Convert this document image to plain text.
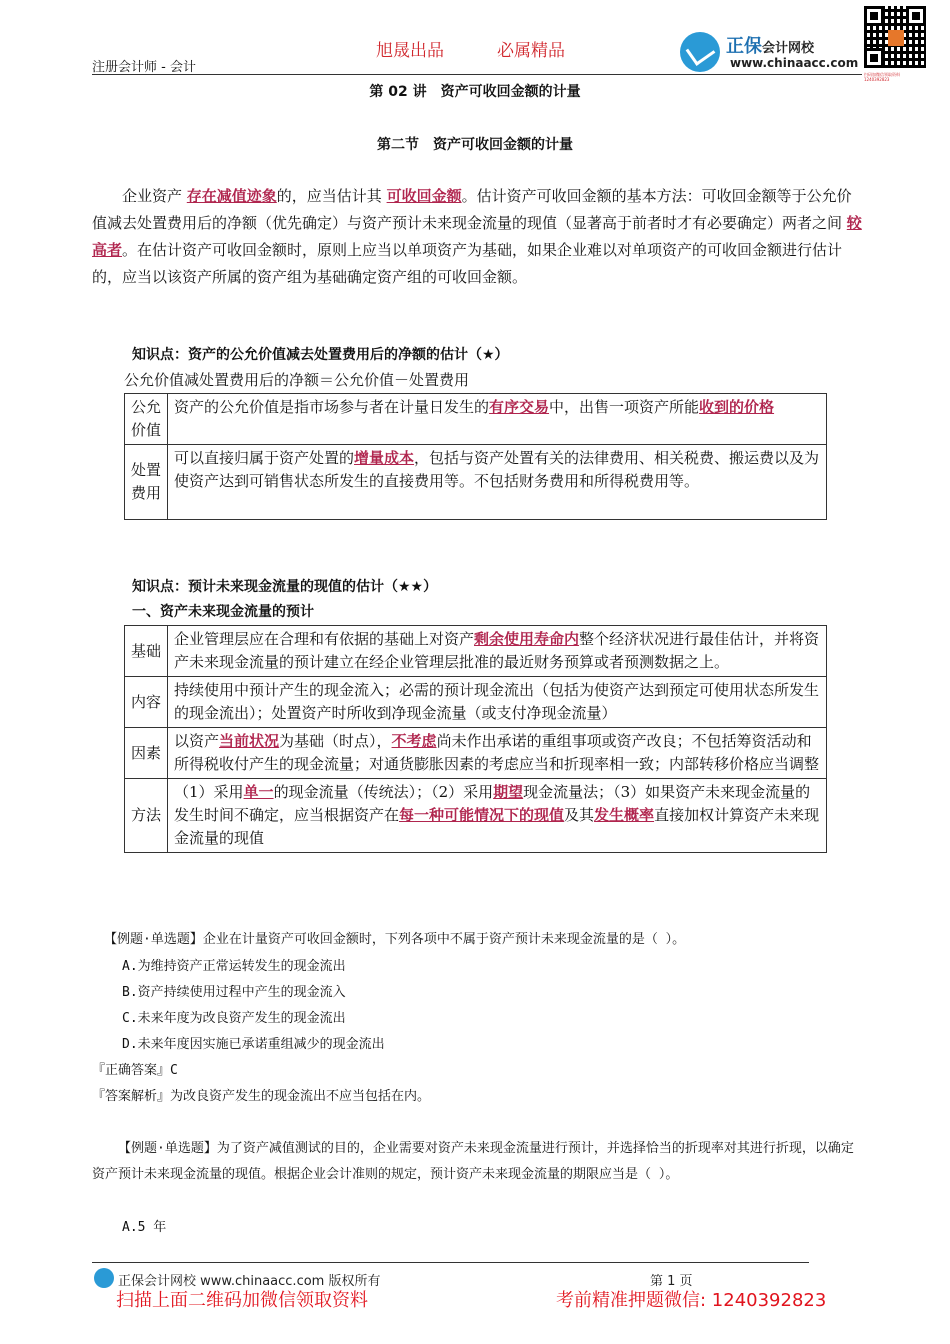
注册会计师 - 会计
旭晟出品	必属精品	正保会计网校
www.chinaacc.com
扫码加微信领取资料 1240392823
第 02 讲　资产可收回金额的计量
第二节　资产可收回金额的计量
企业资产 存在减值迹象的，应当估计其 可收回金额。估计资产可收回金额的基本方法：可收回金额等于公允价值减去处置费用后的净额（优先确定）与资产预计未来现金流量的现值（显著高于前者时才有必要确定）两者之间 较高者。在估计资产可收回金额时，原则上应当以单项资产为基础，如果企业难以对单项资产的可收回金额进行估计的，应当以该资产所属的资产组为基础确定资产组的可收回金额。
知识点：资产的公允价值减去处置费用后的净额的估计（★）
公允价值减处置费用后的净额＝公允价值－处置费用
公允价值	资产的公允价值是指市场参与者在计量日发生的有序交易中，出售一项资产所能收到的价格
处置费用	可以直接归属于资产处置的增量成本，包括与资产处置有关的法律费用、相关税费、搬运费以及为使资产达到可销售状态所发生的直接费用等。不包括财务费用和所得税费用等。
知识点：预计未来现金流量的现值的估计（★★）
一、资产未来现金流量的预计
基础	企业管理层应在合理和有依据的基础上对资产剩余使用寿命内整个经济状况进行最佳估计，并将资产未来现金流量的预计建立在经企业管理层批准的最近财务预算或者预测数据之上。
内容	持续使用中预计产生的现金流入；必需的预计现金流出（包括为使资产达到预定可使用状态所发生的现金流出）；处置资产时所收到净现金流量（或支付净现金流量）
因素	以资产当前状况为基础（时点），不考虑尚未作出承诺的重组事项或资产改良；不包括筹资活动和所得税收付产生的现金流量；对通货膨胀因素的考虑应当和折现率相一致；内部转移价格应当调整
方法	（1）采用单一的现金流量（传统法）；（2）采用期望现金流量法；（3）如果资产未来现金流量的发生时间不确定，应当根据资产在每一种可能情况下的现值及其发生概率直接加权计算资产未来现金流量的现值
【例题·单选题】企业在计量资产可收回金额时，下列各项中不属于资产预计未来现金流量的是（ ）。
A.为维持资产正常运转发生的现金流出
B.资产持续使用过程中产生的现金流入
C.未来年度为改良资产发生的现金流出
D.未来年度因实施已承诺重组减少的现金流出
『正确答案』C
『答案解析』为改良资产发生的现金流出不应当包括在内。
【例题·单选题】为了资产减值测试的目的，企业需要对资产未来现金流量进行预计，并选择恰当的折现率对其进行折现，以确定资产预计未来现金流量的现值。根据企业会计准则的规定，预计资产未来现金流量的期限应当是（ ）。
A.5 年
正保会计网校 www.chinaacc.com 版权所有	第 1 页
扫描上面二维码加微信领取资料	考前精准押题微信: 1240392823
